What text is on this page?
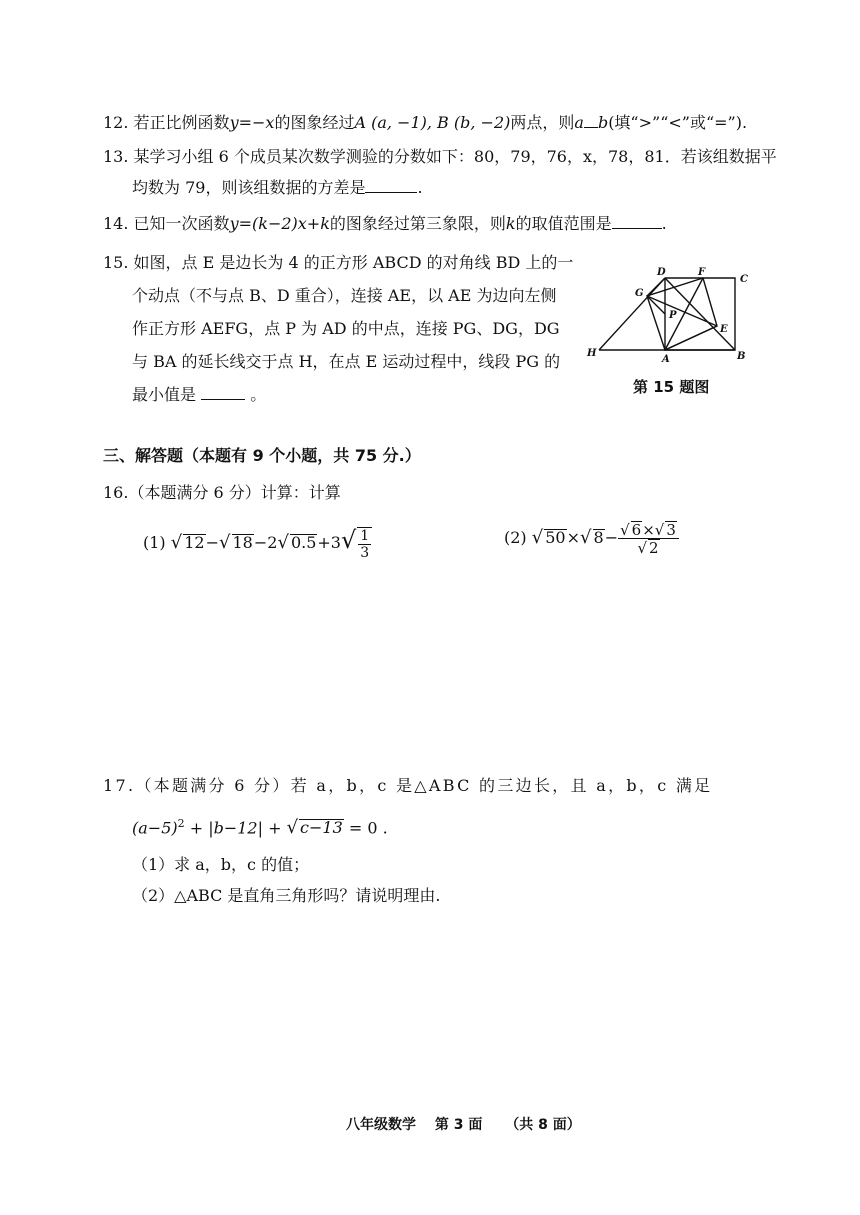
12. 若正比例函数y=−x的图象经过A (a, −1), B (b, −2)两点，则a b(填“>”“<”或“=”).
13. 某学习小组 6 个成员某次数学测验的分数如下：80，79，76，x，78，81．若该组数据平
均数为 79，则该组数据的方差是	.
14. 已知一次函数y=(k−2)x+k的图象经过第三象限，则k的取值范围是	.
15. 如图，点 E 是边长为 4 的正方形 ABCD 的对角线 BD 上的一
个动点（不与点 B、D 重合），连接 AE，以 AE 为边向左侧
作正方形 AEFG，点 P 为 AD 的中点，连接 PG、DG，DG
与 BA 的延长线交于点 H，在点 E 运动过程中，线段 PG 的
最小值是	。
D	F
C
G
P
E
H
A	B
第 15 题图
三、解答题（本题有 9 个小题，共 75 分.）
16.（本题满分 6 分）计算：计算
(1) √ 12−√ 18−2√ $0.5+3√ \frac{1}{3}$	(2) √ 50×√ $8- \frac{√ 6\times√ 3}{√ 2}$
17.（本题满分 6 分）若 a，b，c 是△ABC 的三边长，且 a，b，c 满足
$(a-5)^2 + |b-12|$ + √ c−13 = 0 .
（1）求 a，b，c 的值；
（2）△ABC 是直角三角形吗？请说明理由.
八年级数学 第 3 面 （共 8 面）
